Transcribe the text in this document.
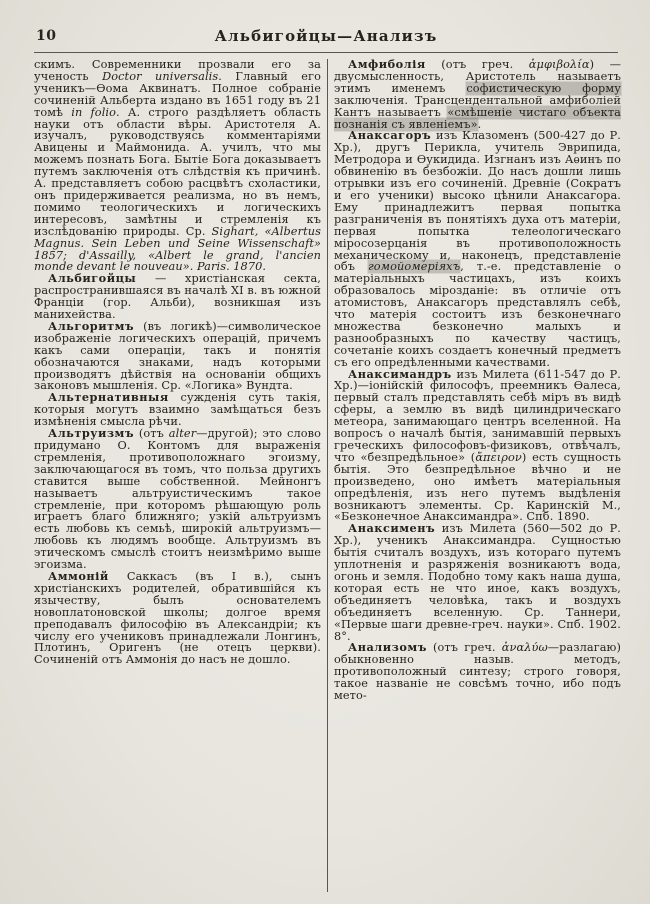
10	Альбигойцы—Анализъ

скимъ. Современники прозвали его за ученость Doctor universalis. Главный его ученикъ—Ѳома Аквинатъ. Полное собраніе сочиненій Альберта издано въ 1651 году въ 21 томѣ in folio. А. строго раздѣляетъ область науки отъ области вѣры. Аристотеля А. изучалъ, руководствуясь комментаріями Авицены и Маймонида. А. училъ, что мы можемъ познать Бога. Бытіе Бога доказываетъ путемъ заключенія отъ слѣдствія къ причинѣ. А. представляетъ собою расцвѣтъ схоластики, онъ придерживается реализма, но въ немъ, помимо теологическихъ и логическихъ интересовъ, замѣтны и стремленія къ изслѣдованію природы. Ср. Sighart, «Albertus Magnus. Sein Leben und Seine Wissenschaft» 1857; d'Assailly, «Albert le grand, l'ancien monde devant le nouveau». Paris. 1870.

Альбигойцы — христіанская секта, распространившаяся въ началѣ XI в. въ южной Франціи (гор. Альби), возникшая изъ манихейства.

Альгоритмъ (въ логикѣ)—символическое изображеніе логическихъ операцій, причемъ какъ сами операціи, такъ и понятія обозначаются знаками, надъ которыми производятъ дѣйствія на основаніи общихъ законовъ мышленія. Ср. «Логика» Вундта.

Альтернативныя сужденія суть такія, которыя могутъ взаимно замѣщаться безъ измѣненія смысла рѣчи.

Альтруизмъ (отъ alter—другой); это слово придумано О. Контомъ для выраженія стремленія, противоположнаго эгоизму, заключающагося въ томъ, что польза другихъ ставится выше собственной. Мейнонгъ называетъ альтруистическимъ такое стремленіе, при которомъ рѣшающую роль играетъ благо ближняго; узкій альтруизмъ есть любовь къ семьѣ, широкій альтруизмъ—любовь къ людямъ вообще. Альтруизмъ въ этическомъ смыслѣ стоитъ неизмѣримо выше эгоизма.

Аммоній Саккасъ (въ I в.), сынъ христіанскихъ родителей, обратившійся къ язычеству, былъ основателемъ новоплатоновской школы; долгое время преподавалъ философію въ Александріи; къ числу его учениковъ принадлежали Лонгинъ, Плотинъ, Оригенъ (не отецъ церкви). Сочиненій отъ Аммонія до насъ не дошло.

Амфиболія (отъ греч. ἀμφιβολία) — двусмысленность, Аристотель называетъ этимъ именемъ софистическую форму заключенія. Трансцендентальной амфиболіей Кантъ называетъ «смѣшеніе чистаго объекта познанія съ явленіемъ».

Анаксагоръ изъ Клазоменъ (500-427 до Р. Хр.), другъ Перикла, учитель Эврипида, Метродора и Ѳукидида. Изгнанъ изъ Аѳинъ по обвиненію въ безбожіи. До насъ дошли лишь отрывки изъ его сочиненій. Древніе (Сократъ и его ученики) высоко цѣнили Анаксагора. Ему принадлежитъ первая попытка разграниченія въ понятіяхъ духа отъ матеріи, первая попытка телеологическаго міросозерцанія въ противоположность механическому и, наконецъ, представленіе объ гомойомеріяхъ, т.-е. представленіе о матеріальныхъ частицахъ, изъ коихъ образовалось мірозданіе: въ отличіе отъ атомистовъ, Анаксагоръ представлялъ себѣ, что матерія состоитъ изъ безконечнаго множества безконечно малыхъ и разнообразныхъ по качеству частицъ, сочетаніе коихъ создаетъ конечный предметъ съ его опредѣленными качествами.

Анаксимандръ изъ Милета (611-547 до Р. Хр.)—іонійскій философъ, преемникъ Ѳалеса, первый сталъ представлять себѣ міръ въ видѣ сферы, а землю въ видѣ цилиндрическаго метеора, занимающаго центръ вселенной. На вопросъ о началѣ бытія, занимавшій первыхъ греческихъ философовъ-физиковъ, отвѣчалъ, что «безпредѣльное» (ἄπειρον) есть сущность бытія. Это безпредѣльное вѣчно и не произведено, оно имѣетъ матеріальныя опредѣленія, изъ него путемъ выдѣленія возникаютъ элементы. Ср. Каринскій М., «Безконечное Анаксимандра». Спб. 1890.

Анаксименъ изъ Милета (560—502 до Р. Хр.), ученикъ Анаксимандра. Сущностью бытія считалъ воздухъ, изъ котораго путемъ уплотненія и разряженія возникаютъ вода, огонь и земля. Подобно тому какъ наша душа, которая есть не что иное, какъ воздухъ, объединяетъ человѣка, такъ и воздухъ объединяетъ вселенную. Ср. Таннери, «Первые шаги древне-греч. науки». Спб. 1902. 8°.

Анализомъ (отъ греч. ἀναλύω—разлагаю) обыкновенно назыв. методъ, противоположный синтезу; строго говоря, такое названіе не совсѣмъ точно, ибо подъ мето-
